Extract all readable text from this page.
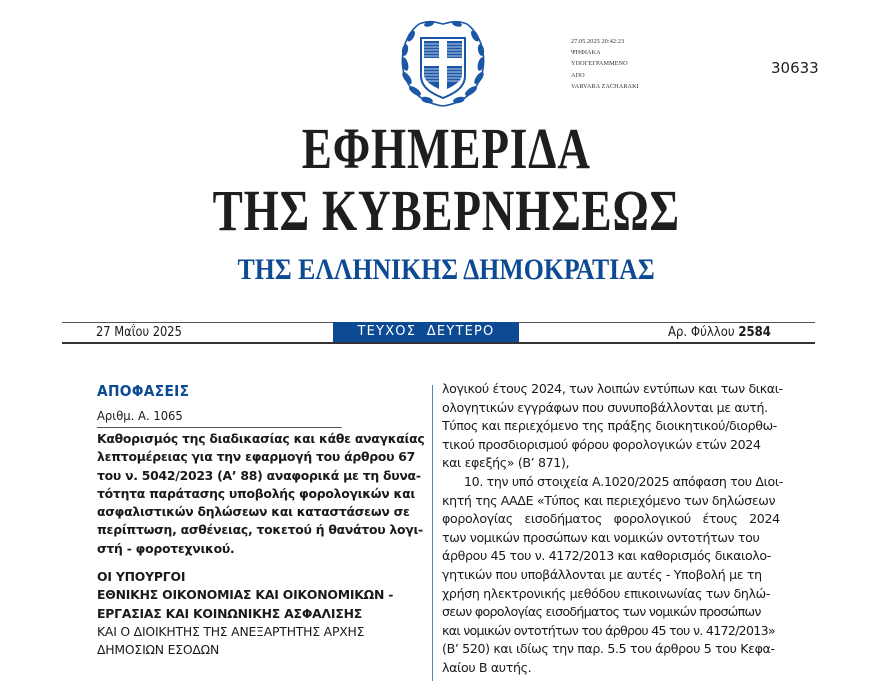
27.05.2025 20:42:23
ΨΗΦΙΑΚΑ
ΥΠΟΓΕΓΡΑΜΜΕΝΟ
ΑΠΟ
VARVARA ZACHARAKI
30633
ΕΦΗΜΕΡΙΔΑ
ΤΗΣ ΚΥΒΕΡΝΗΣΕΩΣ
ΤΗΣ ΕΛΛΗΝΙΚΗΣ ΔΗΜΟΚΡΑΤΙΑΣ
27 Μαΐου 2025	ΤΕΥΧΟΣ  ΔΕΥΤΕΡΟ	Αρ. Φύλλου 2584
ΑΠΟΦΑΣΕΙΣ
Αριθμ. Α. 1065
Καθορισμός της διαδικασίας και κάθε αναγκαίας
λεπτομέρειας για την εφαρμογή του άρθρου 67
του ν. 5042/2023 (Α’ 88) αναφορικά με τη δυνα-
τότητα παράτασης υποβολής φορολογικών και
ασφαλιστικών δηλώσεων και καταστάσεων σε
περίπτωση, ασθένειας, τοκετού ή θανάτου λογι-
στή - φοροτεχνικού.
ΟΙ ΥΠΟΥΡΓΟΙ
ΕΘΝΙΚΗΣ ΟΙΚΟΝΟΜΙΑΣ ΚΑΙ ΟΙΚΟΝΟΜΙΚΩΝ -
ΕΡΓΑΣΙΑΣ ΚΑΙ ΚΟΙΝΩΝΙΚΗΣ ΑΣΦΑΛΙΣΗΣ
ΚΑΙ Ο ΔΙΟΙΚΗΤΗΣ ΤΗΣ ΑΝΕΞΑΡΤΗΤΗΣ ΑΡΧΗΣ
ΔΗΜΟΣΙΩΝ ΕΣΟΔΩΝ
λογικού έτους 2024, των λοιπών εντύπων και των δικαι-
ολογητικών εγγράφων που συνυποβάλλονται με αυτή.
Τύπος και περιεχόμενο της πράξης διοικητικού/διορθω-
τικού προσδιορισμού φόρου φορολογικών ετών 2024
και εφεξής» (Β’ 871),
10. την υπό στοιχεία Α.1020/2025 απόφαση του Διοι-
κητή της ΑΑΔΕ «Τύπος και περιεχόμενο των δηλώσεων
φορολογίας εισοδήματος φορολογικού έτους 2024
των νομικών προσώπων και νομικών οντοτήτων του
άρθρου 45 του ν. 4172/2013 και καθορισμός δικαιολο-
γητικών που υποβάλλονται με αυτές - Υποβολή με τη
χρήση ηλεκτρονικής μεθόδου επικοινωνίας των δηλώ-
σεων φορολογίας εισοδήματος των νομικών προσώπων
και νομικών οντοτήτων του άρθρου 45 του ν. 4172/2013»
(Β’ 520) και ιδίως την παρ. 5.5 του άρθρου 5 του Κεφα-
λαίου Β αυτής.
